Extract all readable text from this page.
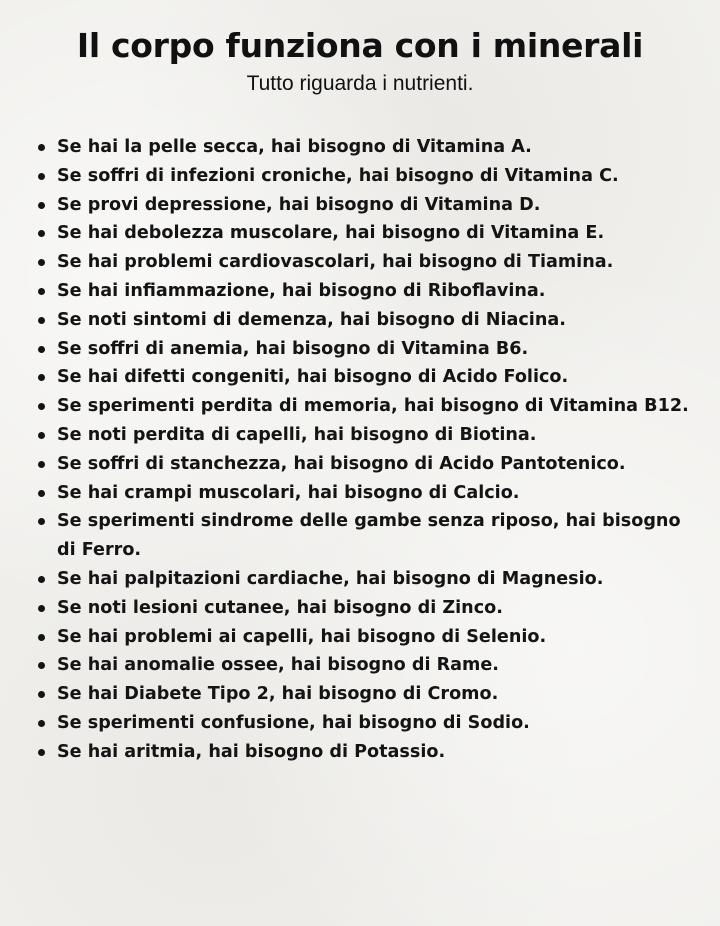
Il corpo funziona con i minerali

Tutto riguarda i nutrienti.

Se hai la pelle secca, hai bisogno di Vitamina A.
Se soffri di infezioni croniche, hai bisogno di Vitamina C.
Se provi depressione, hai bisogno di Vitamina D.
Se hai debolezza muscolare, hai bisogno di Vitamina E.
Se hai problemi cardiovascolari, hai bisogno di Tiamina.
Se hai infiammazione, hai bisogno di Riboflavina.
Se noti sintomi di demenza, hai bisogno di Niacina.
Se soffri di anemia, hai bisogno di Vitamina B6.
Se hai difetti congeniti, hai bisogno di Acido Folico.
Se sperimenti perdita di memoria, hai bisogno di Vitamina B12.
Se noti perdita di capelli, hai bisogno di Biotina.
Se soffri di stanchezza, hai bisogno di Acido Pantotenico.
Se hai crampi muscolari, hai bisogno di Calcio.
Se sperimenti sindrome delle gambe senza riposo, hai bisogno di Ferro.
Se hai palpitazioni cardiache, hai bisogno di Magnesio.
Se noti lesioni cutanee, hai bisogno di Zinco.
Se hai problemi ai capelli, hai bisogno di Selenio.
Se hai anomalie ossee, hai bisogno di Rame.
Se hai Diabete Tipo 2, hai bisogno di Cromo.
Se sperimenti confusione, hai bisogno di Sodio.
Se hai aritmia, hai bisogno di Potassio.
